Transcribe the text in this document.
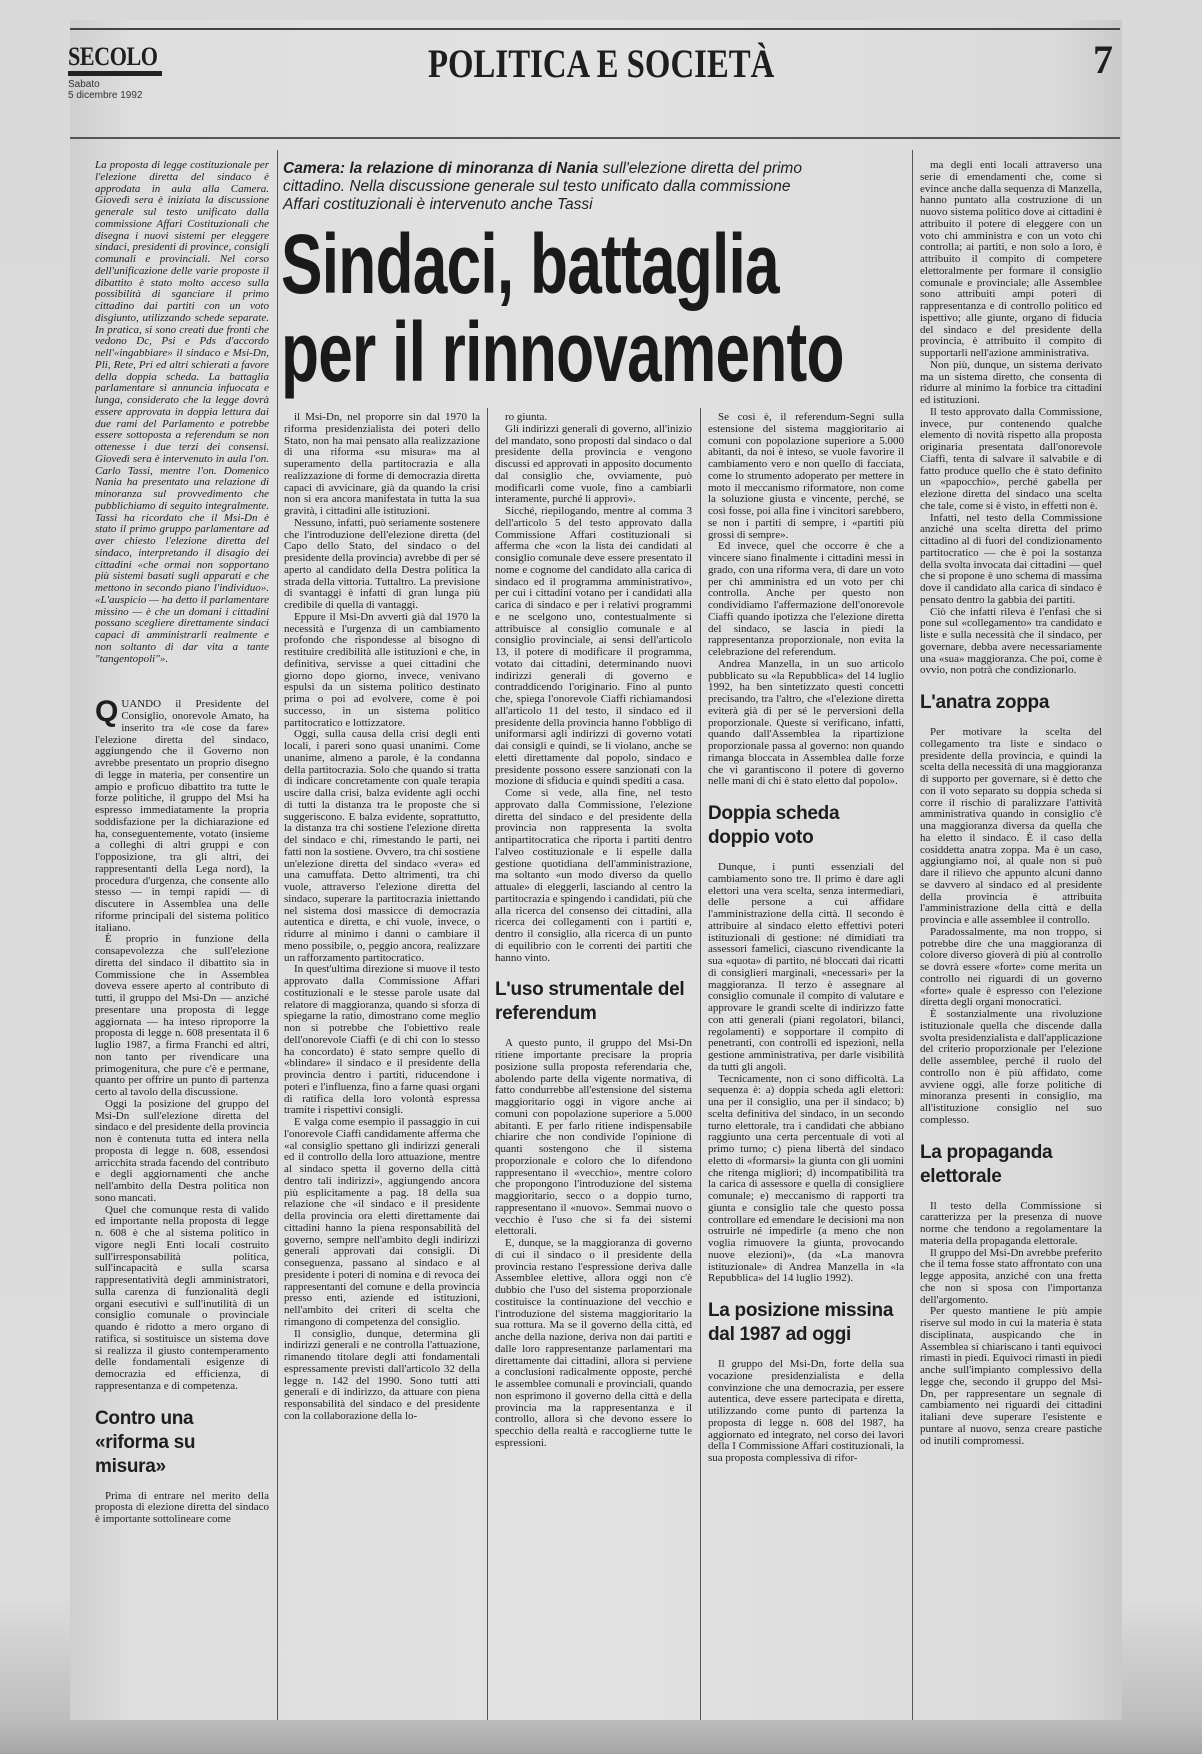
SECOLO
Sabato
5 dicembre 1992
POLITICA E SOCIETÀ	7
Camera: la relazione di minoranza di Nania sull'elezione diretta del primo cittadino. Nella discussione generale sul testo unificato dalla commissione Affari costituzionali è intervenuto anche Tassi
Sindaci, battaglia
per il rinnovamento

La proposta di legge costituzionale per l'elezione diretta del sindaco è approdata in aula alla Camera. Giovedì sera è iniziata la discussione generale sul testo unificato dalla commissione Affari Costituzionali che disegna i nuovi sistemi per eleggere sindaci, presidenti di province, consigli comunali e provinciali. Nel corso dell'unificazione delle varie proposte il dibattito è stato molto acceso sulla possibilità di sganciare il primo cittadino dai partiti con un voto disgiunto, utilizzando schede separate. In pratica, si sono creati due fronti che vedono Dc, Psi e Pds d'accordo nell'«ingabbiare» il sindaco e Msi-Dn, Pli, Rete, Pri ed altri schierati a favore della doppia scheda. La battaglia parlamentare si annuncia infuocata e lunga, considerato che la legge dovrà essere approvata in doppia lettura dai due rami del Parlamento e potrebbe essere sottoposta a referendum se non ottenesse i due terzi dei consensi. Giovedì sera è intervenuto in aula l'on. Carlo Tassi, mentre l'on. Domenico Nania ha presentato una relazione di minoranza sul provvedimento che pubblichiamo di seguito integralmente. Tassi ha ricordato che il Msi-Dn è stato il primo gruppo parlamentare ad aver chiesto l'elezione diretta del sindaco, interpretando il disagio dei cittadini «che ormai non sopportano più sistemi basati sugli apparati e che mettono in secondo piano l'individuo». «L'auspicio — ha detto il parlamentare missino — è che un domani i cittadini possano scegliere direttamente sindaci capaci di amministrarli realmente e non soltanto di dar vita a tante "tangentopoli"».

QUANDO il Presidente del Consiglio, onorevole Amato, ha inserito tra «le cose da fare» l'elezione diretta del sindaco, aggiungendo che il Governo non avrebbe presentato un proprio disegno di legge in materia, per consentire un ampio e proficuo dibattito tra tutte le forze politiche, il gruppo del Msi ha espresso immediatamente la propria soddisfazione per la dichiarazione ed ha, conseguentemente, votato (insieme a colleghi di altri gruppi e con l'opposizione, tra gli altri, dei rappresentanti della Lega nord), la procedura d'urgenza, che consente allo stesso — in tempi rapidi — di discutere in Assemblea una delle riforme principali del sistema politico italiano.

È proprio in funzione della consapevolezza che sull'elezione diretta del sindaco il dibattito sia in Commissione che in Assemblea doveva essere aperto al contributo di tutti, il gruppo del Msi-Dn — anziché presentare una proposta di legge aggiornata — ha inteso riproporre la proposta di legge n. 608 presentata il 6 luglio 1987, a firma Franchi ed altri, non tanto per rivendicare una primogenitura, che pure c'è e permane, quanto per offrire un punto di partenza certo al tavolo della discussione.

Oggi la posizione del gruppo del Msi-Dn sull'elezione diretta del sindaco e del presidente della provincia non è contenuta tutta ed intera nella proposta di legge n. 608, essendosi arricchita strada facendo del contributo e degli aggiornamenti che anche nell'ambito della Destra politica non sono mancati.

Quel che comunque resta di valido ed importante nella proposta di legge n. 608 è che al sistema politico in vigore negli Enti locali costruito sull'irresponsabilità politica, sull'incapacità e sulla scarsa rappresentatività degli amministratori, sulla carenza di funzionalità degli organi esecutivi e sull'inutilità di un consiglio comunale o provinciale quando è ridotto a mero organo di ratifica, si sostituisce un sistema dove si realizza il giusto contemperamento delle fondamentali esigenze di democrazia ed efficienza, di rappresentanza e di competenza.

Contro una «riforma su misura»

Prima di entrare nel merito della proposta di elezione diretta del sindaco è importante sottolineare come

il Msi-Dn, nel proporre sin dal 1970 la riforma presidenzialista dei poteri dello Stato, non ha mai pensato alla realizzazione di una riforma «su misura» ma al superamento della partitocrazia e alla realizzazione di forme di democrazia diretta capaci di avvicinare, già da quando la crisi non si era ancora manifestata in tutta la sua gravità, i cittadini alle istituzioni.

Nessuno, infatti, può seriamente sostenere che l'introduzione dell'elezione diretta (del Capo dello Stato, del sindaco o del presidente della provincia) avrebbe di per sé aperto al candidato della Destra politica la strada della vittoria. Tuttaltro. La previsione di svantaggi è infatti di gran lunga più credibile di quella di vantaggi.

Eppure il Msi-Dn avvertì già dal 1970 la necessità e l'urgenza di un cambiamento profondo che rispondesse al bisogno di restituire credibilità alle istituzioni e che, in definitiva, servisse a quei cittadini che giorno dopo giorno, invece, venivano espulsi da un sistema politico destinato prima o poi ad evolvere, come è poi successo, in un sistema politico partitocratico e lottizzatore.

Oggi, sulla causa della crisi degli enti locali, i pareri sono quasi unanimi. Come unanime, almeno a parole, è la condanna della partitocrazia. Solo che quando si tratta di indicare concretamente con quale terapia uscire dalla crisi, balza evidente agli occhi di tutti la distanza tra le proposte che si suggeriscono. E balza evidente, soprattutto, la distanza tra chi sostiene l'elezione diretta del sindaco e chi, rimestando le parti, nei fatti non la sostiene. Ovvero, tra chi sostiene un'elezione diretta del sindaco «vera» ed una camuffata. Detto altrimenti, tra chi vuole, attraverso l'elezione diretta del sindaco, superare la partitocrazia iniettando nel sistema dosi massicce di democrazia autentica e diretta, e chi vuole, invece, o ridurre al minimo i danni o cambiare il meno possibile, o, peggio ancora, realizzare un rafforzamento partitocratico.

In quest'ultima direzione si muove il testo approvato dalla Commissione Affari costituzionali e le stesse parole usate dal relatore di maggioranza, quando si sforza di spiegarne la ratio, dimostrano come meglio non si potrebbe che l'obiettivo reale dell'onorevole Ciaffi (e di chi con lo stesso ha concordato) è stato sempre quello di «blindare» il sindaco e il presidente della provincia dentro i partiti, riducendone i poteri e l'influenza, fino a farne quasi organi di ratifica della loro volontà espressa tramite i rispettivi consigli.

E valga come esempio il passaggio in cui l'onorevole Ciaffi candidamente afferma che «al consiglio spettano gli indirizzi generali ed il controllo della loro attuazione, mentre al sindaco spetta il governo della città dentro tali indirizzi», aggiungendo ancora più esplicitamente a pag. 18 della sua relazione che «il sindaco e il presidente della provincia ora eletti direttamente dai cittadini hanno la piena responsabilità del governo, sempre nell'ambito degli indirizzi generali approvati dai consigli. Di conseguenza, passano al sindaco e al presidente i poteri di nomina e di revoca dei rappresentanti del comune e della provincia presso enti, aziende ed istituzioni, nell'ambito dei criteri di scelta che rimangono di competenza del consiglio.

Il consiglio, dunque, determina gli indirizzi generali e ne controlla l'attuazione, rimanendo titolare degli atti fondamentali espressamente previsti dall'articolo 32 della legge n. 142 del 1990. Sono tutti atti generali e di indirizzo, da attuare con piena responsabilità del sindaco e del presidente con la collaborazione della lo-

ro giunta.

Gli indirizzi generali di governo, all'inizio del mandato, sono proposti dal sindaco o dal presidente della provincia e vengono discussi ed approvati in apposito documento dal consiglio che, ovviamente, può modificarli come vuole, fino a cambiarli interamente, purché li approvi».

Sicché, riepilogando, mentre al comma 3 dell'articolo 5 del testo approvato dalla Commissione Affari costituzionali si afferma che «con la lista dei candidati al consiglio comunale deve essere presentato il nome e cognome del candidato alla carica di sindaco ed il programma amministrativo», per cui i cittadini votano per i candidati alla carica di sindaco e per i relativi programmi e ne scelgono uno, contestualmente si attribuisce al consiglio comunale e al consiglio provinciale, ai sensi dell'articolo 13, il potere di modificare il programma, votato dai cittadini, determinando nuovi indirizzi generali di governo e contraddicendo l'originario. Fino al punto che, spiega l'onorevole Ciaffi richiamandosi all'articolo 11 del testo, il sindaco ed il presidente della provincia hanno l'obbligo di uniformarsi agli indirizzi di governo votati dai consigli e quindi, se li violano, anche se eletti direttamente dal popolo, sindaco e presidente possono essere sanzionati con la mozione di sfiducia e quindi spediti a casa.

Come si vede, alla fine, nel testo approvato dalla Commissione, l'elezione diretta del sindaco e del presidente della provincia non rappresenta la svolta antipartitocratica che riporta i partiti dentro l'alveo costituzionale e li espelle dalla gestione quotidiana dell'amministrazione, ma soltanto «un modo diverso da quello attuale» di eleggerli, lasciando al centro la partitocrazia e spingendo i candidati, più che alla ricerca del consenso dei cittadini, alla ricerca dei collegamenti con i partiti e, dentro il consiglio, alla ricerca di un punto di equilibrio con le correnti dei partiti che hanno vinto.

L'uso strumentale del referendum

A questo punto, il gruppo del Msi-Dn ritiene importante precisare la propria posizione sulla proposta referendaria che, abolendo parte della vigente normativa, di fatto condurrebbe all'estensione del sistema maggioritario oggi in vigore anche ai comuni con popolazione superiore a 5.000 abitanti. E per farlo ritiene indispensabile chiarire che non condivide l'opinione di quanti sostengono che il sistema proporzionale e coloro che lo difendono rappresentano il «vecchio», mentre coloro che propongono l'introduzione del sistema maggioritario, secco o a doppio turno, rappresentano il «nuovo». Semmai nuovo o vecchio è l'uso che si fa dei sistemi elettorali.

E, dunque, se la maggioranza di governo di cui il sindaco o il presidente della provincia restano l'espressione deriva dalle Assemblee elettive, allora oggi non c'è dubbio che l'uso del sistema proporzionale costituisce la continuazione del vecchio e l'introduzione del sistema maggioritario la sua rottura. Ma se il governo della città, ed anche della nazione, deriva non dai partiti e dalle loro rappresentanze parlamentari ma direttamente dai cittadini, allora si perviene a conclusioni radicalmente opposte, perché le assemblee comunali e provinciali, quando non esprimono il governo della città e della provincia ma la rappresentanza e il controllo, allora sì che devono essere lo specchio della realtà e raccoglierne tutte le espressioni.

Se così è, il referendum-Segni sulla estensione del sistema maggioritario ai comuni con popolazione superiore a 5.000 abitanti, da noi è inteso, se vuole favorire il cambiamento vero e non quello di facciata, come lo strumento adoperato per mettere in moto il meccanismo riformatore, non come la soluzione giusta e vincente, perché, se così fosse, poi alla fine i vincitori sarebbero, se non i partiti di sempre, i «partiti più grossi di sempre».

Ed invece, quel che occorre è che a vincere siano finalmente i cittadini messi in grado, con una riforma vera, di dare un voto per chi amministra ed un voto per chi controlla. Anche per questo non condividiamo l'affermazione dell'onorevole Ciaffi quando ipotizza che l'elezione diretta del sindaco, se lascia in piedi la rappresentanza proporzionale, non evita la celebrazione del referendum.

Andrea Manzella, in un suo articolo pubblicato su «la Repubblica» del 14 luglio 1992, ha ben sintetizzato questi concetti precisando, tra l'altro, che «l'elezione diretta eviterà già di per sé le perversioni della proporzionale. Queste si verificano, infatti, quando dall'Assemblea la ripartizione proporzionale passa al governo: non quando rimanga bloccata in Assemblea dalle forze che vi garantiscono il potere di governo nelle mani di chi è stato eletto dal popolo».

Doppia scheda doppio voto

Dunque, i punti essenziali del cambiamento sono tre. Il primo è dare agli elettori una vera scelta, senza intermediari, delle persone a cui affidare l'amministrazione della città. Il secondo è attribuire al sindaco eletto effettivi poteri istituzionali di gestione: né dimidiati tra assessori famelici, ciascuno rivendicante la sua «quota» di partito, né bloccati dai ricatti di consiglieri marginali, «necessari» per la maggioranza. Il terzo è assegnare al consiglio comunale il compito di valutare e approvare le grandi scelte di indirizzo fatte con atti generali (piani regolatori, bilanci, regolamenti) e sopportare il compito di penetranti, con controlli ed ispezioni, nella gestione amministrativa, per darle visibilità da tutti gli angoli.

Tecnicamente, non ci sono difficoltà. La sequenza è: a) doppia scheda agli elettori: una per il consiglio, una per il sindaco; b) scelta definitiva del sindaco, in un secondo turno elettorale, tra i candidati che abbiano raggiunto una certa percentuale di voti al primo turno; c) piena libertà del sindaco eletto di «formarsi» la giunta con gli uomini che ritenga migliori; d) incompatibilità tra la carica di assessore e quella di consigliere comunale; e) meccanismo di rapporti tra giunta e consiglio tale che questo possa controllare ed emendare le decisioni ma non ostruirle né impedirle (a meno che non voglia rimuovere la giunta, provocando nuove elezioni)», (da «La manovra istituzionale» di Andrea Manzella in «la Repubblica» del 14 luglio 1992).

La posizione missina dal 1987 ad oggi

Il gruppo del Msi-Dn, forte della sua vocazione presidenzialista e della convinzione che una democrazia, per essere autentica, deve essere partecipata e diretta, utilizzando come punto di partenza la proposta di legge n. 608 del 1987, ha aggiornato ed integrato, nel corso dei lavori della I Commissione Affari costituzionali, la sua proposta complessiva di rifor-

ma degli enti locali attraverso una serie di emendamenti che, come si evince anche dalla sequenza di Manzella, hanno puntato alla costruzione di un nuovo sistema politico dove ai cittadini è attribuito il potere di eleggere con un voto chi amministra e con un voto chi controlla; ai partiti, e non solo a loro, è attribuito il compito di competere elettoralmente per formare il consiglio comunale e provinciale; alle Assemblee sono attribuiti ampi poteri di rappresentanza e di controllo politico ed ispettivo; alle giunte, organo di fiducia del sindaco e del presidente della provincia, è attribuito il compito di supportarli nell'azione amministrativa.

Non più, dunque, un sistema derivato ma un sistema diretto, che consenta di ridurre al minimo la forbice tra cittadini ed istituzioni.

Il testo approvato dalla Commissione, invece, pur contenendo qualche elemento di novità rispetto alla proposta originaria presentata dall'onorevole Ciaffi, tenta di salvare il salvabile e di fatto produce quello che è stato definito un «papocchio», perché gabella per elezione diretta del sindaco una scelta che tale, come si è visto, in effetti non è.

Infatti, nel testo della Commissione anziché una scelta diretta del primo cittadino al di fuori del condizionamento partitocratico — che è poi la sostanza della svolta invocata dai cittadini — quel che si propone è uno schema di massima dove il candidato alla carica di sindaco è pensato dentro la gabbia dei partiti.

Ciò che infatti rileva è l'enfasi che si pone sul «collegamento» tra candidato e liste e sulla necessità che il sindaco, per governare, debba avere necessariamente una «sua» maggioranza. Che poi, come è ovvio, non potrà che condizionarlo.

L'anatra zoppa

Per motivare la scelta del collegamento tra liste e sindaco o presidente della provincia, e quindi la scelta della necessità di una maggioranza di supporto per governare, si è detto che con il voto separato su doppia scheda si corre il rischio di paralizzare l'attività amministrativa quando in consiglio c'è una maggioranza diversa da quella che ha eletto il sindaco. È il caso della cosiddetta anatra zoppa. Ma è un caso, aggiungiamo noi, al quale non si può dare il rilievo che appunto alcuni danno se davvero al sindaco ed al presidente della provincia è attribuita l'amministrazione della città e della provincia e alle assemblee il controllo.

Paradossalmente, ma non troppo, si potrebbe dire che una maggioranza di colore diverso gioverà di più al controllo se dovrà essere «forte» come merita un controllo nei riguardi di un governo «forte» quale è espresso con l'elezione diretta degli organi monocratici.

È sostanzialmente una rivoluzione istituzionale quella che discende dalla svolta presidenzialista e dall'applicazione del criterio proporzionale per l'elezione delle assemblee, perché il ruolo del controllo non è più affidato, come avviene oggi, alle forze politiche di minoranza presenti in consiglio, ma all'istituzione consiglio nel suo complesso.

La propaganda elettorale

Il testo della Commissione si caratterizza per la presenza di nuove norme che tendono a regolamentare la materia della propaganda elettorale.

Il gruppo del Msi-Dn avrebbe preferito che il tema fosse stato affrontato con una legge apposita, anziché con una fretta che non si sposa con l'importanza dell'argomento.

Per questo mantiene le più ampie riserve sul modo in cui la materia è stata disciplinata, auspicando che in Assemblea si chiariscano i tanti equivoci rimasti in piedi. Equivoci rimasti in piedi anche sull'impianto complessivo della legge che, secondo il gruppo del Msi-Dn, per rappresentare un segnale di cambiamento nei riguardi dei cittadini italiani deve superare l'esistente e puntare al nuovo, senza creare pastiche od inutili compromessi.
